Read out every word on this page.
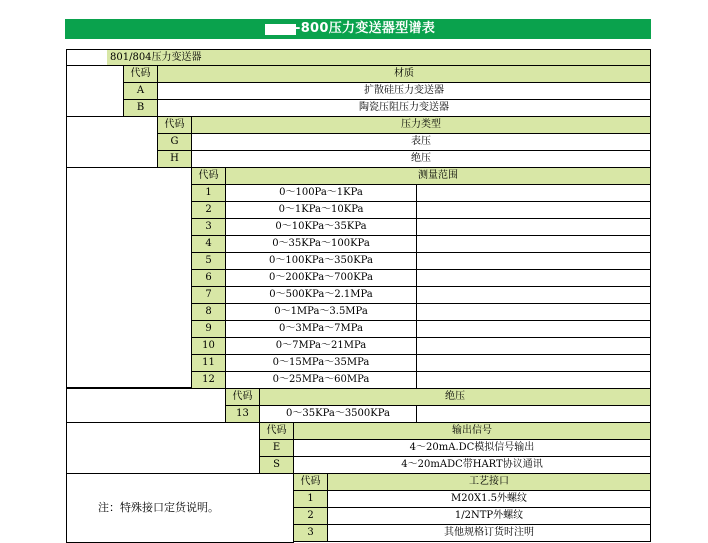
-800压力变送器型谱表
801/804压力变送器
代码	材质
A	扩散硅压力变送器
B	陶瓷压阻压力变送器
代码	压力类型
G	表压
H	绝压
代码	测量范围
1	0～100Pa～1KPa
2	0～1KPa～10KPa
3	0～10KPa～35KPa
4	0～35KPa～100KPa
5	0～100KPa～350KPa
6	0～200KPa～700KPa
7	0～500KPa～2.1MPa
8	0～1MPa～3.5MPa
9	0～3MPa～7MPa
10	0～7MPa～21MPa
11	0～15MPa～35MPa
12	0～25MPa～60MPa
代码	绝压
13	0～35KPa～3500KPa
代码	输出信号
E	4～20mA.DC模拟信号输出
S	4～20mADC带HART协议通讯
注：特殊接口定货说明。
代码	工艺接口
1	M20X1.5外螺纹
2	1/2NTP外螺纹
3	其他规格订货时注明
